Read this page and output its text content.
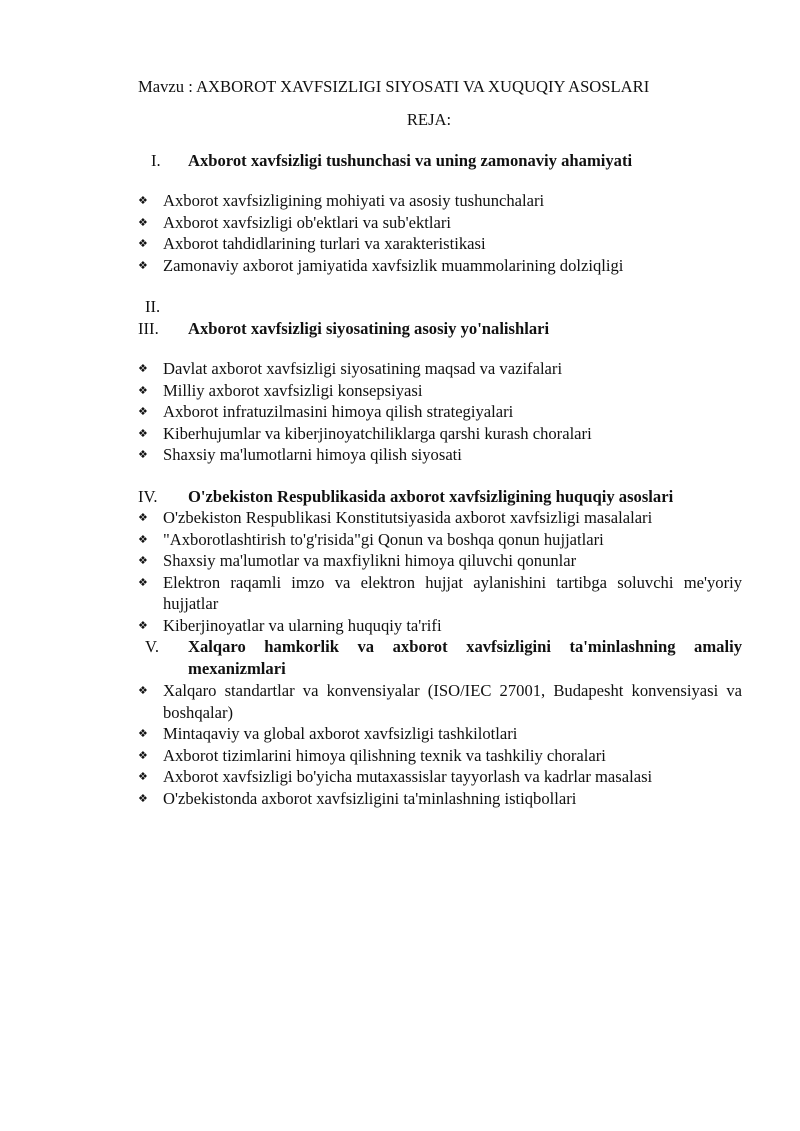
Mavzu : AXBOROT XAVFSIZLIGI SIYOSATI VA XUQUQIY ASOSLARI
REJA:
I. Axborot xavfsizligi tushunchasi va uning zamonaviy ahamiyati
❖ Axborot xavfsizligining mohiyati va asosiy tushunchalari
❖ Axborot xavfsizligi ob'ektlari va sub'ektlari
❖ Axborot tahdidlarining turlari va xarakteristikasi
❖ Zamonaviy axborot jamiyatida xavfsizlik muammolarining dolziqligi
II.
III. Axborot xavfsizligi siyosatining asosiy yo'nalishlari
❖ Davlat axborot xavfsizligi siyosatining maqsad va vazifalari
❖ Milliy axborot xavfsizligi konsepsiyasi
❖ Axborot infratuzilmasini himoya qilish strategiyalari
❖ Kiberhujumlar va kiberjinoyatchiliklarga qarshi kurash choralari
❖ Shaxsiy ma'lumotlarni himoya qilish siyosati
IV. O'zbekiston Respublikasida axborot xavfsizligining huquqiy asoslari
❖ O'zbekiston Respublikasi Konstitutsiyasida axborot xavfsizligi masalalari
❖ "Axborotlashtirish to'g'risida"gi Qonun va boshqa qonun hujjatlari
❖ Shaxsiy ma'lumotlar va maxfiylikni himoya qiluvchi qonunlar
❖ Elektron raqamli imzo va elektron hujjat aylanishini tartibga soluvchi me'yoriy hujjatlar
❖ Kiberjinoyatlar va ularning huquqiy ta'rifi
V. Xalqaro hamkorlik va axborot xavfsizligini ta'minlashning amaliy mexanizmlari
❖ Xalqaro standartlar va konvensiyalar (ISO/IEC 27001, Budapesht konvensiyasi va boshqalar)
❖ Mintaqaviy va global axborot xavfsizligi tashkilotlari
❖ Axborot tizimlarini himoya qilishning texnik va tashkiliy choralari
❖ Axborot xavfsizligi bo'yicha mutaxassislar tayyorlash va kadrlar masalasi
❖ O'zbekistonda axborot xavfsizligini ta'minlashning istiqbollari
